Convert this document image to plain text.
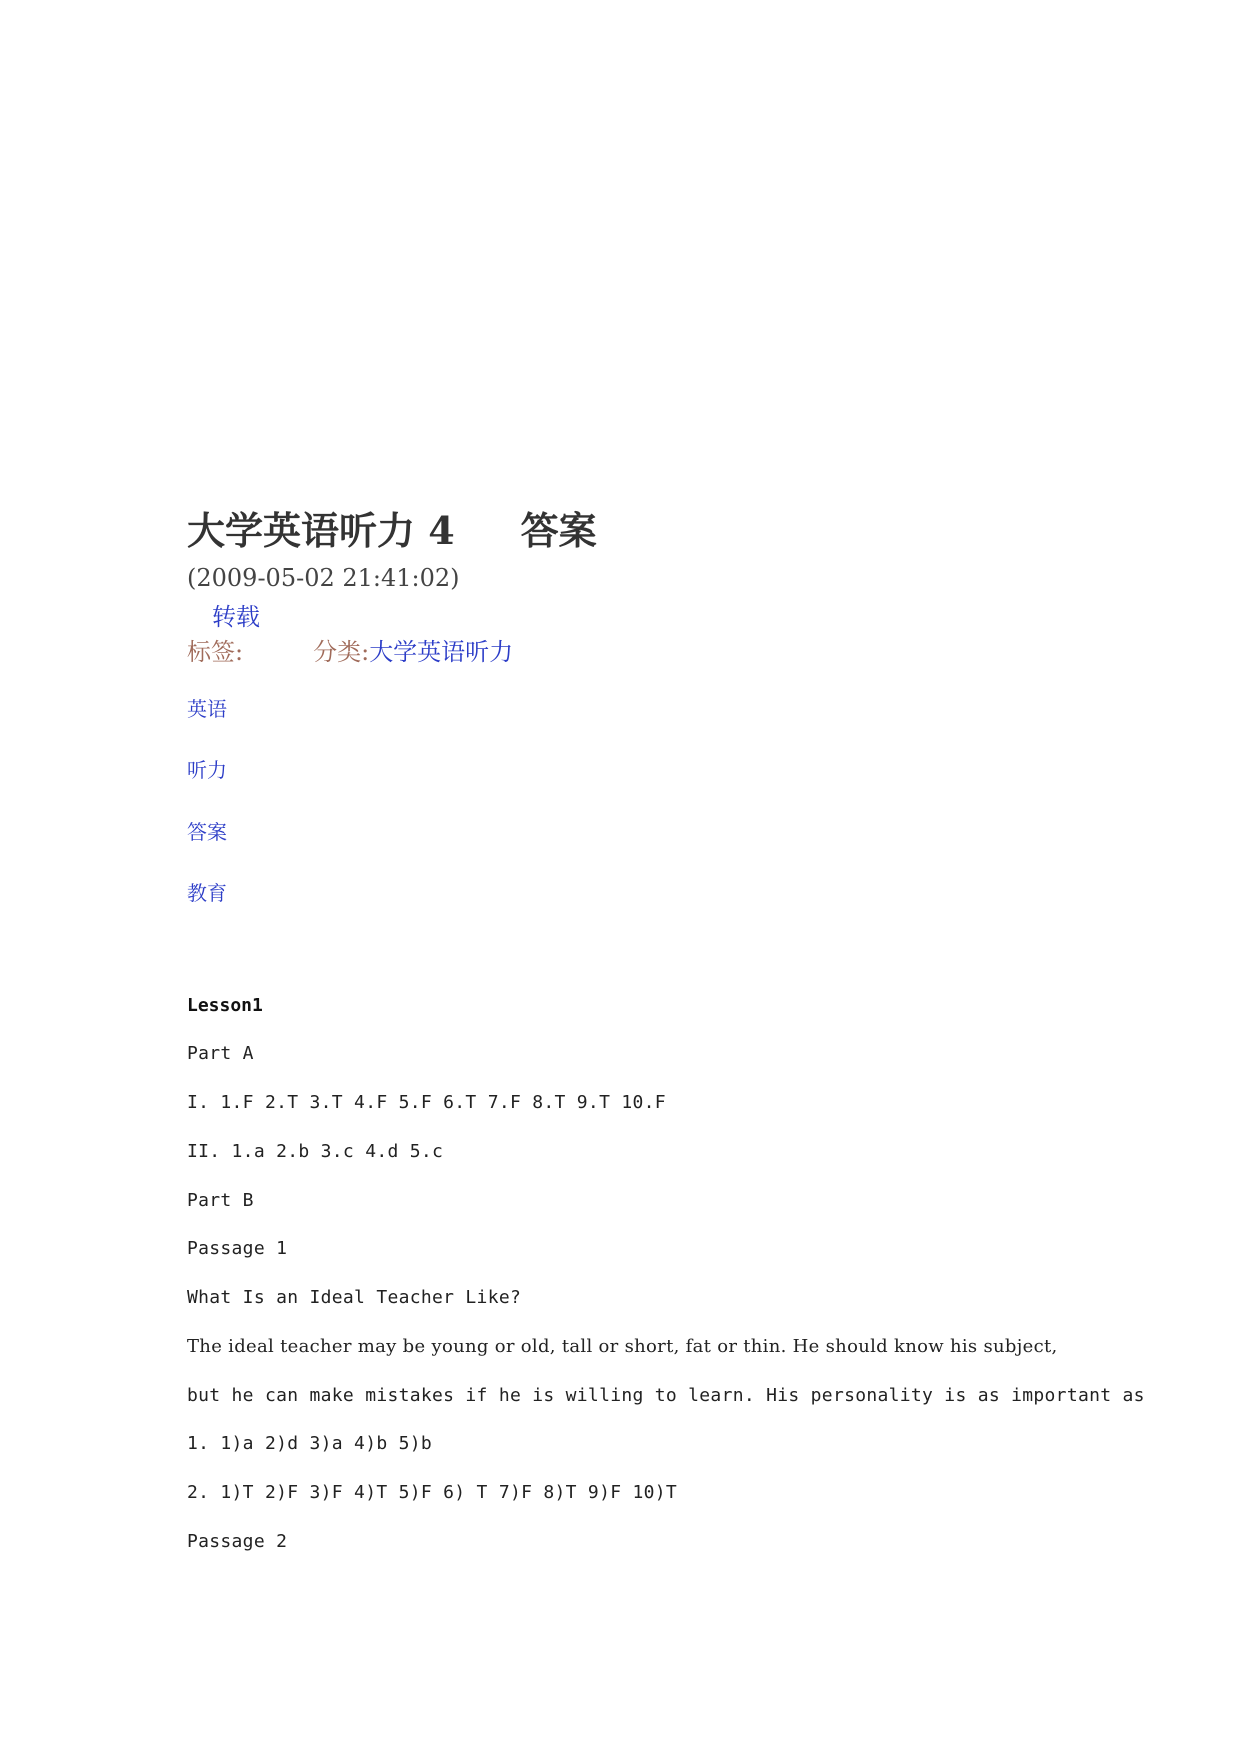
大学英语听力 4 答案
(2009-05-02 21:41:02)
转载
标签:	分类:大学英语听力
英语
听力
答案
教育
Lesson1
Part A
I. 1.F 2.T 3.T 4.F 5.F 6.T 7.F 8.T 9.T 10.F
II. 1.a 2.b 3.c 4.d 5.c
Part B
Passage 1
What Is an Ideal Teacher Like?
The ideal teacher may be young or old, tall or short, fat or thin. He should know his subject,
but he can make mistakes if he is willing to learn. His personality is as important as
1. 1)a 2)d 3)a 4)b 5)b
2. 1)T 2)F 3)F 4)T 5)F 6) T 7)F 8)T 9)F 10)T
Passage 2
